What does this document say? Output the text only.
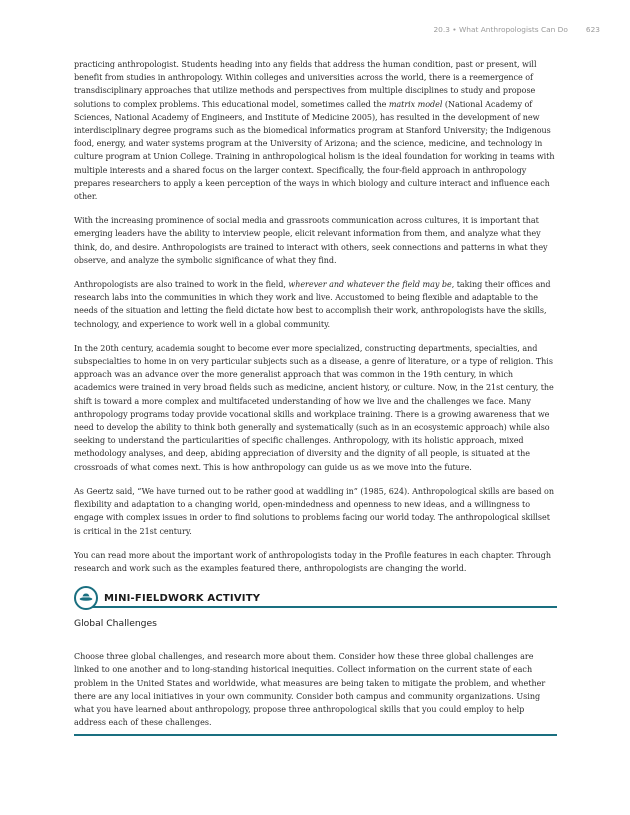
20.3 • What Anthropologists Can Do 623

practicing anthropologist. Students heading into any fields that address the human condition, past or present, will benefit from studies in anthropology. Within colleges and universities across the world, there is a reemergence of transdisciplinary approaches that utilize methods and perspectives from multiple disciplines to study and propose solutions to complex problems. This educational model, sometimes called the matrix model (National Academy of Sciences, National Academy of Engineers, and Institute of Medicine 2005), has resulted in the development of new interdisciplinary degree programs such as the biomedical informatics program at Stanford University; the Indigenous food, energy, and water systems program at the University of Arizona; and the science, medicine, and technology in culture program at Union College. Training in anthropological holism is the ideal foundation for working in teams with multiple interests and a shared focus on the larger context. Specifically, the four-field approach in anthropology prepares researchers to apply a keen perception of the ways in which biology and culture interact and influence each other.

With the increasing prominence of social media and grassroots communication across cultures, it is important that emerging leaders have the ability to interview people, elicit relevant information from them, and analyze what they think, do, and desire. Anthropologists are trained to interact with others, seek connections and patterns in what they observe, and analyze the symbolic significance of what they find.

Anthropologists are also trained to work in the field, wherever and whatever the field may be, taking their offices and research labs into the communities in which they work and live. Accustomed to being flexible and adaptable to the needs of the situation and letting the field dictate how best to accomplish their work, anthropologists have the skills, technology, and experience to work well in a global community.

In the 20th century, academia sought to become ever more specialized, constructing departments, specialties, and subspecialties to home in on very particular subjects such as a disease, a genre of literature, or a type of religion. This approach was an advance over the more generalist approach that was common in the 19th century, in which academics were trained in very broad fields such as medicine, ancient history, or culture. Now, in the 21st century, the shift is toward a more complex and multifaceted understanding of how we live and the challenges we face. Many anthropology programs today provide vocational skills and workplace training. There is a growing awareness that we need to develop the ability to think both generally and systematically (such as in an ecosystemic approach) while also seeking to understand the particularities of specific challenges. Anthropology, with its holistic approach, mixed methodology analyses, and deep, abiding appreciation of diversity and the dignity of all people, is situated at the crossroads of what comes next. This is how anthropology can guide us as we move into the future.

As Geertz said, “We have turned out to be rather good at waddling in” (1985, 624). Anthropological skills are based on flexibility and adaptation to a changing world, open-mindedness and openness to new ideas, and a willingness to engage with complex issues in order to find solutions to problems facing our world today. The anthropological skillset is critical in the 21st century.

You can read more about the important work of anthropologists today in the Profile features in each chapter. Through research and work such as the examples featured there, anthropologists are changing the world.

MINI-FIELDWORK ACTIVITY
Global Challenges

Choose three global challenges, and research more about them. Consider how these three global challenges are linked to one another and to long-standing historical inequities. Collect information on the current state of each problem in the United States and worldwide, what measures are being taken to mitigate the problem, and whether there are any local initiatives in your own community. Consider both campus and community organizations. Using what you have learned about anthropology, propose three anthropological skills that you could employ to help address each of these challenges.
